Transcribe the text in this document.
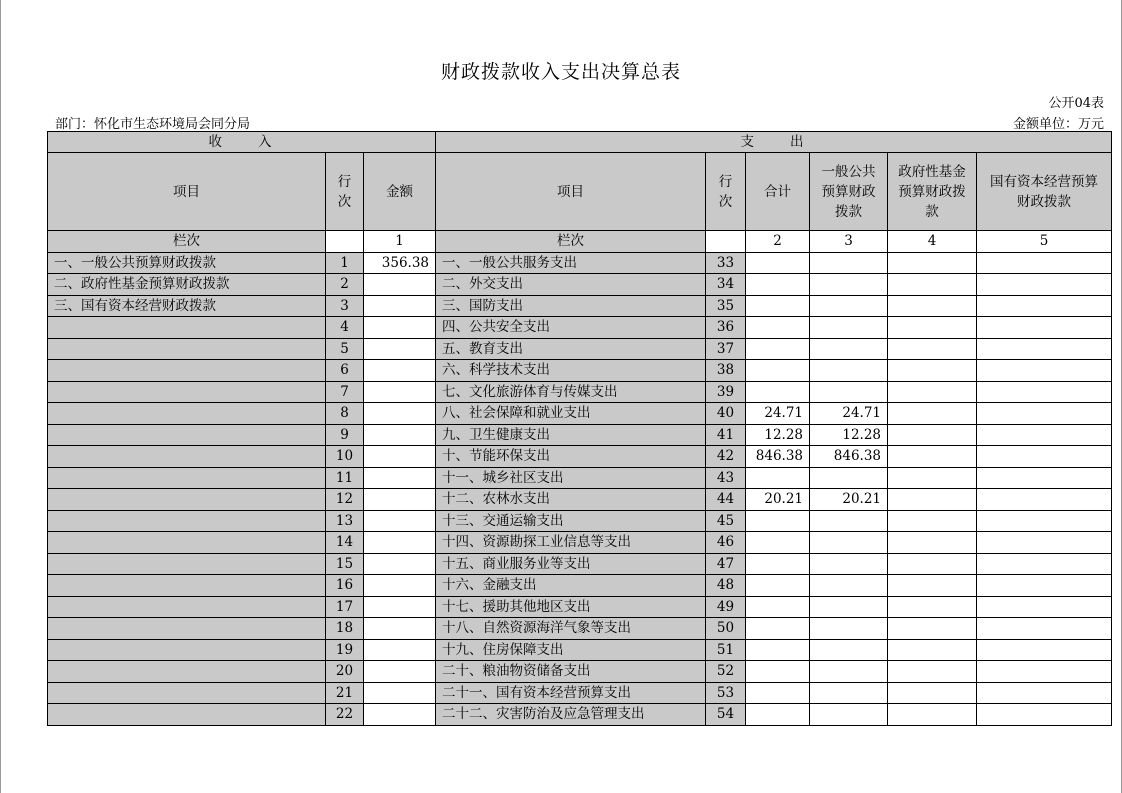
财政拨款收入支出决算总表
公开04表
部门：怀化市生态环境局会同分局	金额单位：万元
收　　入			支　　出					
项目	行次	金额	项目	行次	合计	一般公共预算财政拨款	政府性基金预算财政拨款	国有资本经营预算财政拨款
栏次		1	栏次		2	3	4	5
一、一般公共预算财政拨款	1	356.38	一、一般公共服务支出	33				
二、政府性基金预算财政拨款	2		二、外交支出	34				
三、国有资本经营财政拨款	3		三、国防支出	35				
	4		四、公共安全支出	36				
	5		五、教育支出	37				
	6		六、科学技术支出	38				
	7		七、文化旅游体育与传媒支出	39				
	8		八、社会保障和就业支出	40	24.71	24.71		
	9		九、卫生健康支出	41	12.28	12.28		
	10		十、节能环保支出	42	846.38	846.38		
	11		十一、城乡社区支出	43				
	12		十二、农林水支出	44	20.21	20.21		
	13		十三、交通运输支出	45				
	14		十四、资源勘探工业信息等支出	46				
	15		十五、商业服务业等支出	47				
	16		十六、金融支出	48				
	17		十七、援助其他地区支出	49				
	18		十八、自然资源海洋气象等支出	50				
	19		十九、住房保障支出	51				
	20		二十、粮油物资储备支出	52				
	21		二十一、国有资本经营预算支出	53				
	22		二十二、灾害防治及应急管理支出	54				
